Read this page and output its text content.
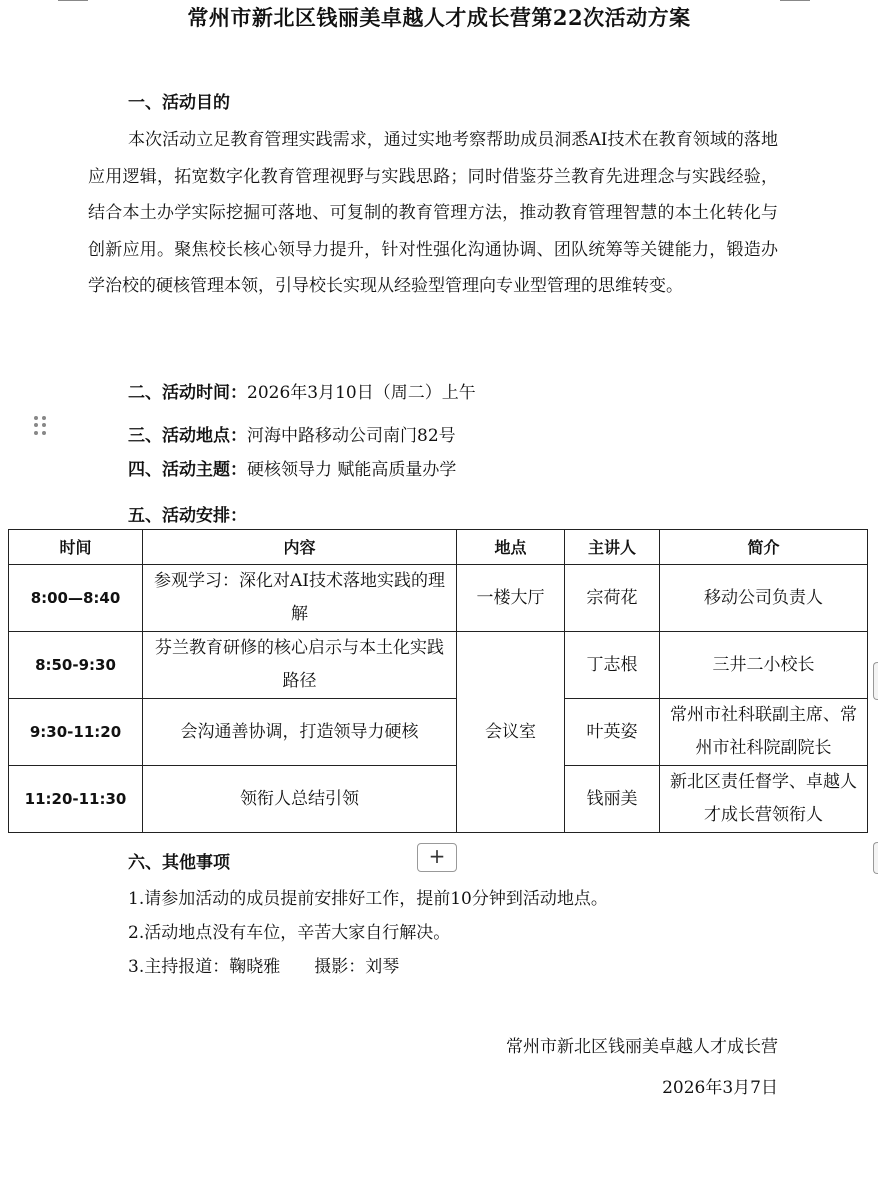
常州市新北区钱丽美卓越人才成长营第22次活动方案
一、活动目的
本次活动立足教育管理实践需求，通过实地考察帮助成员洞悉AI技术在教育领域的落地应用逻辑，拓宽数字化教育管理视野与实践思路；同时借鉴芬兰教育先进理念与实践经验，结合本土办学实际挖掘可落地、可复制的教育管理方法，推动教育管理智慧的本土化转化与创新应用。聚焦校长核心领导力提升，针对性强化沟通协调、团队统筹等关键能力，锻造办学治校的硬核管理本领，引导校长实现从经验型管理向专业型管理的思维转变。
二、活动时间：2026年3月10日（周二）上午
三、活动地点：河海中路移动公司南门82号
四、活动主题：硬核领导力 赋能高质量办学
五、活动安排：
时间	内容	地点	主讲人	简介
8:00—8:40	参观学习：深化对AI技术落地实践的理解	一楼大厅	宗荷花	移动公司负责人
8:50-9:30	芬兰教育研修的核心启示与本土化实践路径	会议室	丁志根	三井二小校长
9:30-11:20	会沟通善协调，打造领导力硬核		叶英姿	常州市社科联副主席、常州市社科院副院长
11:20-11:30	领衔人总结引领		钱丽美	新北区责任督学、卓越人才成长营领衔人
六、其他事项	+
1.请参加活动的成员提前安排好工作，提前10分钟到活动地点。
2.活动地点没有车位，辛苦大家自行解决。
3.主持报道：鞠晓雅　　摄影：刘琴
常州市新北区钱丽美卓越人才成长营
2026年3月7日
